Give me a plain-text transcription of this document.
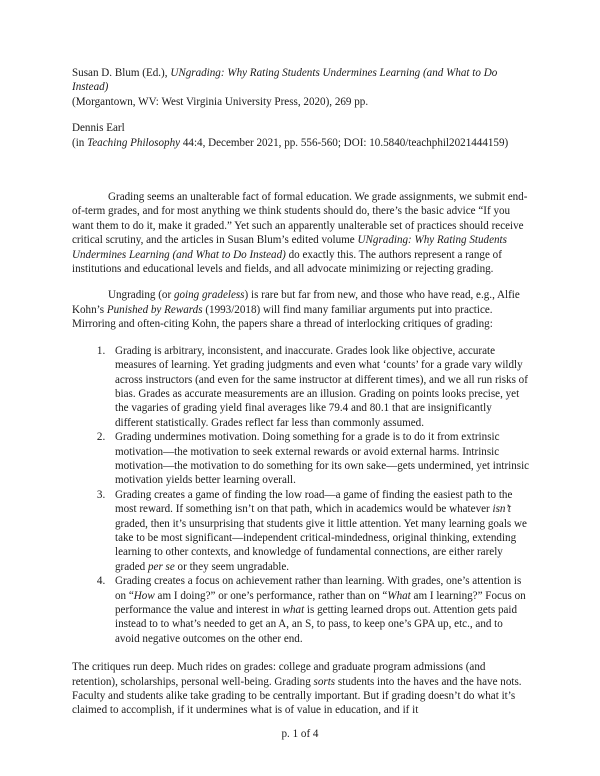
Susan D. Blum (Ed.), UNgrading: Why Rating Students Undermines Learning (and What to Do Instead)
(Morgantown, WV: West Virginia University Press, 2020), 269 pp.

Dennis Earl
(in Teaching Philosophy 44:4, December 2021, pp. 556-560; DOI: 10.5840/teachphil2021444159)

Grading seems an unalterable fact of formal education. We grade assignments, we submit end-of-term grades, and for most anything we think students should do, there’s the basic advice “If you want them to do it, make it graded.” Yet such an apparently unalterable set of practices should receive critical scrutiny, and the articles in Susan Blum’s edited volume UNgrading: Why Rating Students Undermines Learning (and What to Do Instead) do exactly this. The authors represent a range of institutions and educational levels and fields, and all advocate minimizing or rejecting grading.

Ungrading (or going gradeless) is rare but far from new, and those who have read, e.g., Alfie Kohn’s Punished by Rewards (1993/2018) will find many familiar arguments put into practice. Mirroring and often-citing Kohn, the papers share a thread of interlocking critiques of grading:

1. Grading is arbitrary, inconsistent, and inaccurate. Grades look like objective, accurate measures of learning. Yet grading judgments and even what ‘counts’ for a grade vary wildly across instructors (and even for the same instructor at different times), and we all run risks of bias. Grades as accurate measurements are an illusion. Grading on points looks precise, yet the vagaries of grading yield final averages like 79.4 and 80.1 that are insignificantly different statistically. Grades reflect far less than commonly assumed.
2. Grading undermines motivation. Doing something for a grade is to do it from extrinsic motivation—the motivation to seek external rewards or avoid external harms. Intrinsic motivation—the motivation to do something for its own sake—gets undermined, yet intrinsic motivation yields better learning overall.
3. Grading creates a game of finding the low road—a game of finding the easiest path to the most reward. If something isn’t on that path, which in academics would be whatever isn’t graded, then it’s unsurprising that students give it little attention. Yet many learning goals we take to be most significant—independent critical-mindedness, original thinking, extending learning to other contexts, and knowledge of fundamental connections, are either rarely graded per se or they seem ungradable.
4. Grading creates a focus on achievement rather than learning. With grades, one’s attention is on “How am I doing?” or one’s performance, rather than on “What am I learning?” Focus on performance the value and interest in what is getting learned drops out. Attention gets paid instead to to what’s needed to get an A, an S, to pass, to keep one’s GPA up, etc., and to avoid negative outcomes on the other end.

The critiques run deep. Much rides on grades: college and graduate program admissions (and retention), scholarships, personal well-being. Grading sorts students into the haves and the have nots. Faculty and students alike take grading to be centrally important. But if grading doesn’t do what it’s claimed to accomplish, if it undermines what is of value in education, and if it

p. 1 of 4
